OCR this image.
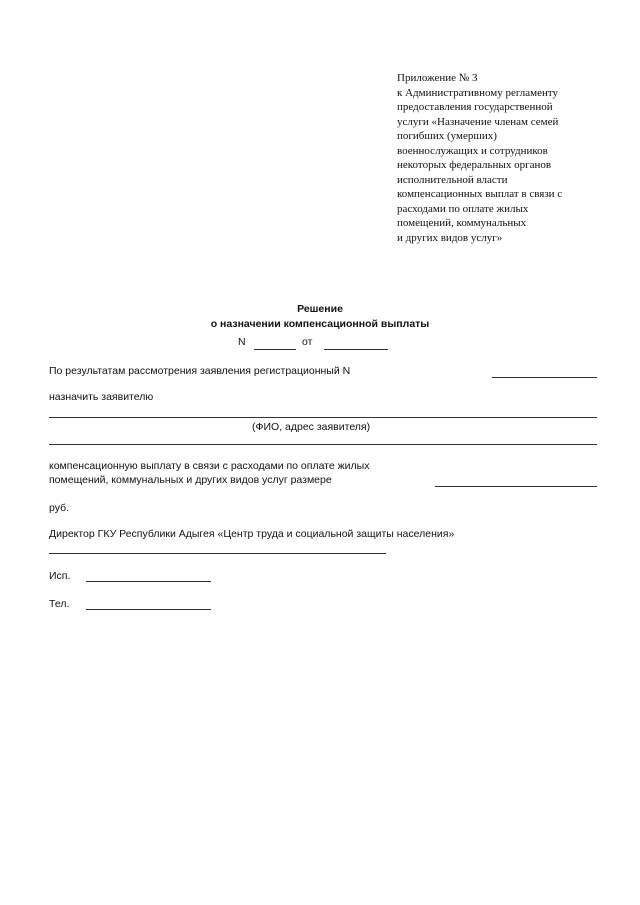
Приложение № 3
к Административному регламенту
предоставления государственной
услуги «Назначение членам семей
погибших (умерших)
военнослужащих и сотрудников
некоторых федеральных органов
исполнительной власти
компенсационных выплат в связи с
расходами по оплате жилых
помещений, коммунальных
и других видов услуг»
Решение
о назначении компенсационной выплаты
N	от
По результатам рассмотрения заявления регистрационный N
назначить заявителю
(ФИО, адрес заявителя)
компенсационную выплату в связи с расходами по оплате жилых
помещений, коммунальных и других видов услуг размере
руб.
Директор ГКУ Республики Адыгея «Центр труда и социальной защиты населения»
Исп.
Тел.
